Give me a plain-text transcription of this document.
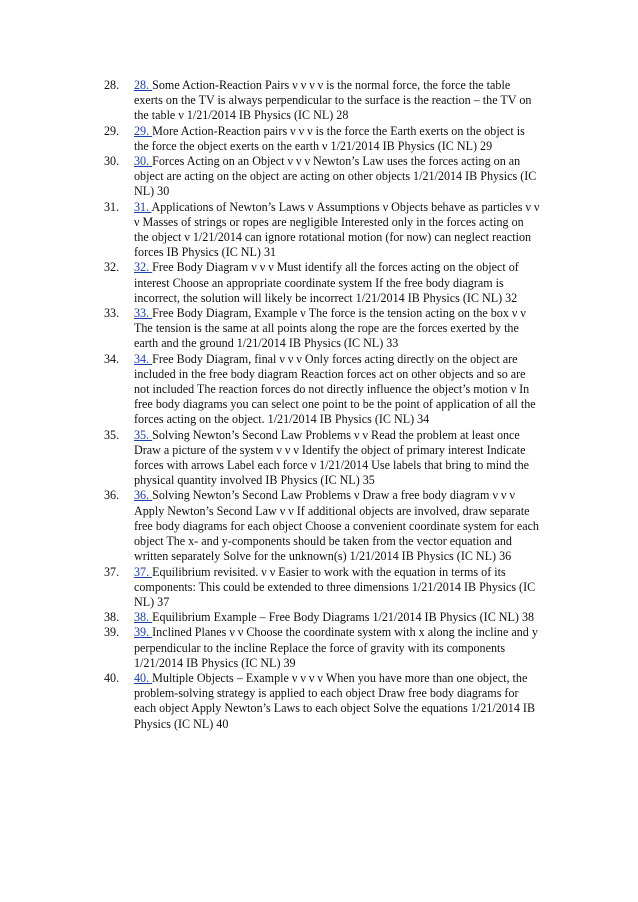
28.	28. Some Action-Reaction Pairs ν ν ν ν is the normal force, the force the table exerts on the TV is always perpendicular to the surface is the reaction – the TV on the table ν 1/21/2014 IB Physics (IC NL) 28
29.	29. More Action-Reaction pairs ν ν ν is the force the Earth exerts on the object is the force the object exerts on the earth ν 1/21/2014 IB Physics (IC NL) 29
30.	30. Forces Acting on an Object ν ν ν Newton’s Law uses the forces acting on an object are acting on the object are acting on other objects 1/21/2014 IB Physics (IC NL) 30
31.	31. Applications of Newton’s Laws ν Assumptions ν Objects behave as particles ν ν ν Masses of strings or ropes are negligible Interested only in the forces acting on the object ν 1/21/2014 can ignore rotational motion (for now) can neglect reaction forces IB Physics (IC NL) 31
32.	32. Free Body Diagram ν ν ν Must identify all the forces acting on the object of interest Choose an appropriate coordinate system If the free body diagram is incorrect, the solution will likely be incorrect 1/21/2014 IB Physics (IC NL) 32
33.	33. Free Body Diagram, Example ν The force is the tension acting on the box ν ν The tension is the same at all points along the rope are the forces exerted by the earth and the ground 1/21/2014 IB Physics (IC NL) 33
34.	34. Free Body Diagram, final ν ν ν Only forces acting directly on the object are included in the free body diagram Reaction forces act on other objects and so are not included The reaction forces do not directly influence the object’s motion ν In free body diagrams you can select one point to be the point of application of all the forces acting on the object. 1/21/2014 IB Physics (IC NL) 34
35.	35. Solving Newton’s Second Law Problems ν ν Read the problem at least once Draw a picture of the system ν ν ν Identify the object of primary interest Indicate forces with arrows Label each force ν 1/21/2014 Use labels that bring to mind the physical quantity involved IB Physics (IC NL) 35
36.	36. Solving Newton’s Second Law Problems ν Draw a free body diagram ν ν ν Apply Newton’s Second Law ν ν If additional objects are involved, draw separate free body diagrams for each object Choose a convenient coordinate system for each object The x- and y-components should be taken from the vector equation and written separately Solve for the unknown(s) 1/21/2014 IB Physics (IC NL) 36
37.	37. Equilibrium revisited. ν ν Easier to work with the equation in terms of its components: This could be extended to three dimensions 1/21/2014 IB Physics (IC NL) 37
38.	38. Equilibrium Example – Free Body Diagrams 1/21/2014 IB Physics (IC NL) 38
39.	39. Inclined Planes ν ν Choose the coordinate system with x along the incline and y perpendicular to the incline Replace the force of gravity with its components 1/21/2014 IB Physics (IC NL) 39
40.	40. Multiple Objects – Example ν ν ν ν When you have more than one object, the problem-solving strategy is applied to each object Draw free body diagrams for each object Apply Newton’s Laws to each object Solve the equations 1/21/2014 IB Physics (IC NL) 40
